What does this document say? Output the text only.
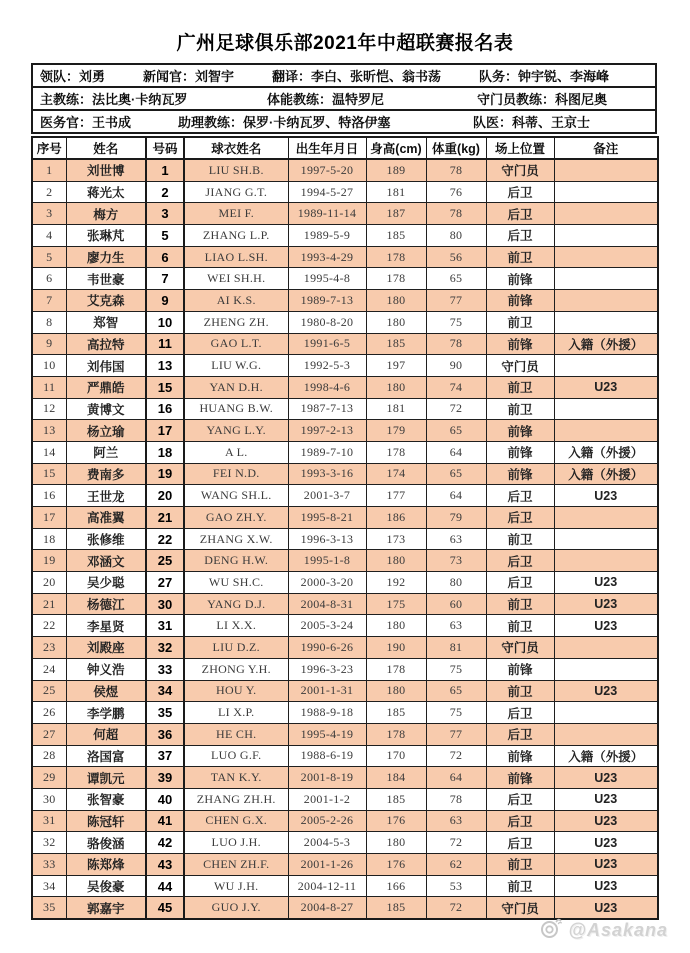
广州足球俱乐部2021年中超联赛报名表
领队：刘勇	新闻官：刘智宇	翻译：李白、张昕恺、翁书荡	队务：钟宇锐、李海峰

主教练：法比奥·卡纳瓦罗	体能教练：温特罗尼	守门员教练：科图尼奥

医务官：王书成	助理教练：保罗·卡纳瓦罗、特洛伊塞	队医：科蒂、王京士
序号	姓名	号码	球衣姓名	出生年月日	身高(cm)	体重(kg)	场上位置	备注
1	刘世博	1	LIU SH.B.	1997-5-20	189	78	守门员	
2	蒋光太	2	JIANG G.T.	1994-5-27	181	76	后卫	
3	梅方	3	MEI F.	1989-11-14	187	78	后卫	
4	张琳芃	5	ZHANG L.P.	1989-5-9	185	80	后卫	
5	廖力生	6	LIAO L.SH.	1993-4-29	178	56	前卫	
6	韦世豪	7	WEI SH.H.	1995-4-8	178	65	前锋	
7	艾克森	9	AI K.S.	1989-7-13	180	77	前锋	
8	郑智	10	ZHENG ZH.	1980-8-20	180	75	前卫	
9	高拉特	11	GAO L.T.	1991-6-5	185	78	前锋	入籍（外援）
10	刘伟国	13	LIU W.G.	1992-5-3	197	90	守门员	
11	严鼎皓	15	YAN D.H.	1998-4-6	180	74	前卫	U23
12	黄博文	16	HUANG B.W.	1987-7-13	181	72	前卫	
13	杨立瑜	17	YANG L.Y.	1997-2-13	179	65	前锋	
14	阿兰	18	A L.	1989-7-10	178	64	前锋	入籍（外援）
15	费南多	19	FEI N.D.	1993-3-16	174	65	前锋	入籍（外援）
16	王世龙	20	WANG SH.L.	2001-3-7	177	64	后卫	U23
17	高准翼	21	GAO ZH.Y.	1995-8-21	186	79	后卫	
18	张修维	22	ZHANG X.W.	1996-3-13	173	63	前卫	
19	邓涵文	25	DENG H.W.	1995-1-8	180	73	后卫	
20	吴少聪	27	WU SH.C.	2000-3-20	192	80	后卫	U23
21	杨德江	30	YANG D.J.	2004-8-31	175	60	前卫	U23
22	李星贤	31	LI X.X.	2005-3-24	180	63	前卫	U23
23	刘殿座	32	LIU D.Z.	1990-6-26	190	81	守门员	
24	钟义浩	33	ZHONG Y.H.	1996-3-23	178	75	前锋	
25	侯煜	34	HOU Y.	2001-1-31	180	65	前卫	U23
26	李学鹏	35	LI X.P.	1988-9-18	185	75	后卫	
27	何超	36	HE CH.	1995-4-19	178	77	后卫	
28	洛国富	37	LUO G.F.	1988-6-19	170	72	前锋	入籍（外援）
29	谭凯元	39	TAN K.Y.	2001-8-19	184	64	前锋	U23
30	张智豪	40	ZHANG ZH.H.	2001-1-2	185	78	后卫	U23
31	陈冠轩	41	CHEN G.X.	2005-2-26	176	63	后卫	U23
32	骆俊涵	42	LUO J.H.	2004-5-3	180	72	后卫	U23
33	陈郑烽	43	CHEN ZH.F.	2001-1-26	176	62	前卫	U23
34	吴俊豪	44	WU J.H.	2004-12-11	166	53	前卫	U23
35	郭嘉宇	45	GUO J.Y.	2004-8-27	185	72	守门员	U23
@Asakana
